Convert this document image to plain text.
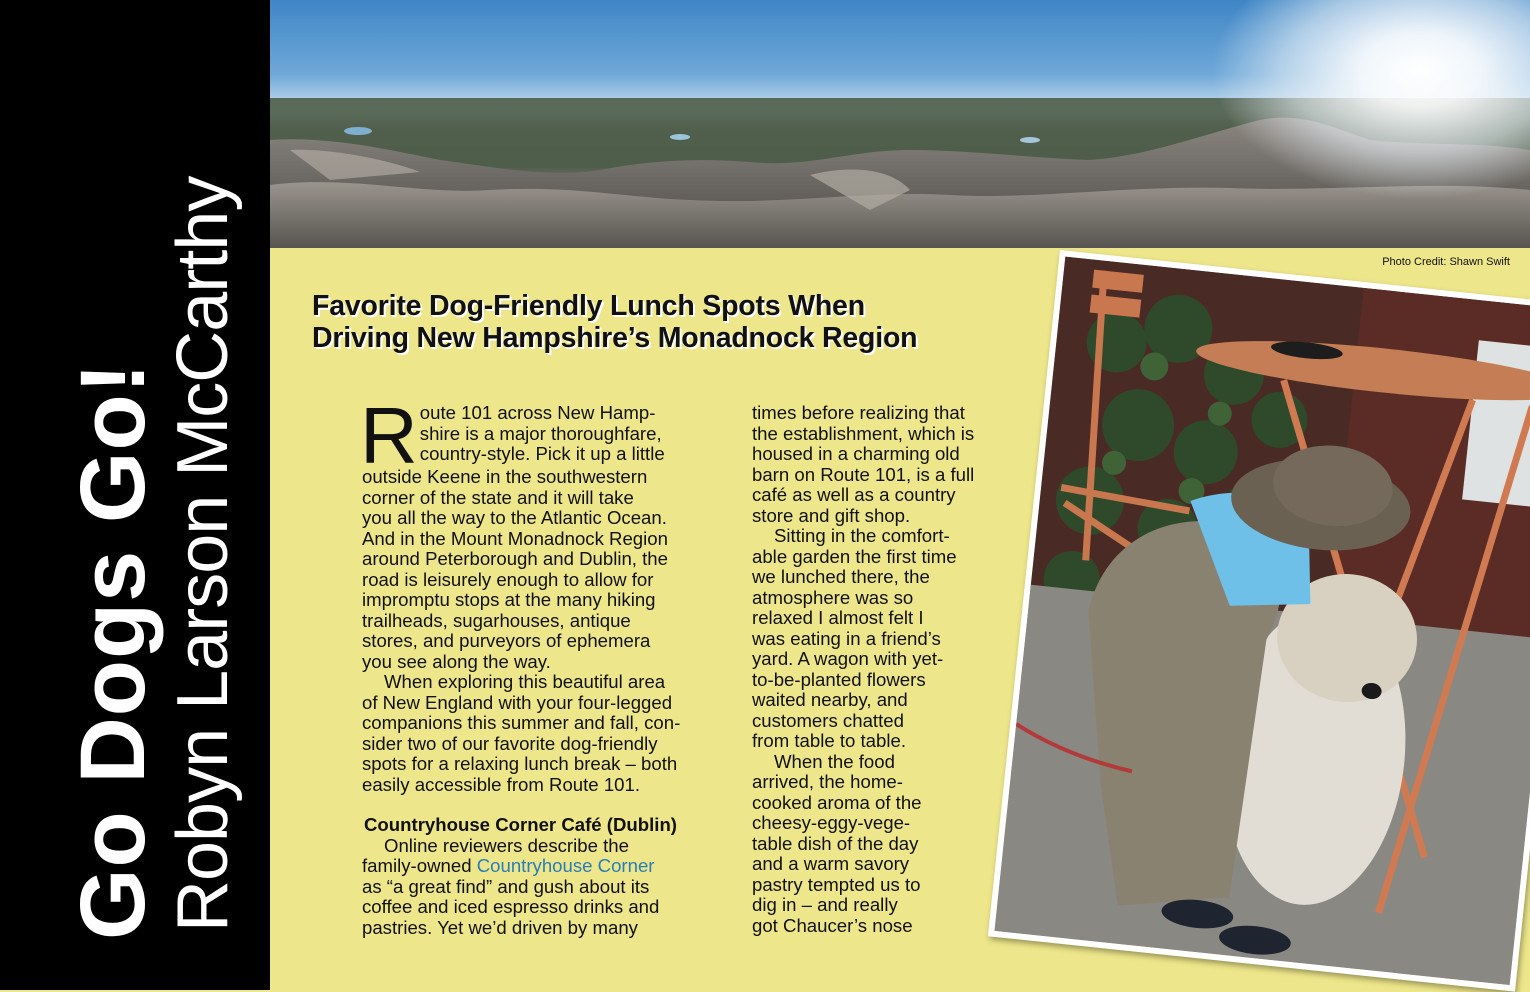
Go Dogs Go! Robyn Larson McCarthy Favorite Dog-Friendly Lunch Spots When
Driving New Hampshire’s Monadnock Region

R oute 101 across New Hamp-
shire is a major thoroughfare,
country-style. Pick it up a little
outside Keene in the southwestern
corner of the state and it will take
you all the way to the Atlantic Ocean.
And in the Mount Monadnock Region
around Peterborough and Dublin, the
road is leisurely enough to allow for
impromptu stops at the many hiking
trailheads, sugarhouses, antique
stores, and purveyors of ephemera
you see along the way.

When exploring this beautiful area
of New England with your four-legged
companions this summer and fall, con-
sider two of our favorite dog-friendly
spots for a relaxing lunch break – both
easily accessible from Route 101.

Countryhouse Corner Café (Dublin)

Online reviewers describe the
family-owned Countryhouse Corner
as “a great find” and gush about its
coffee and iced espresso drinks and
pastries. Yet we’d driven by many

times before realizing that
the establishment, which is
housed in a charming old
barn on Route 101, is a full
café as well as a country
store and gift shop.

Sitting in the comfort-
able garden the first time
we lunched there, the
atmosphere was so
relaxed I almost felt I
was eating in a friend’s
yard. A wagon with yet-
to-be-planted flowers
waited nearby, and
customers chatted
from table to table.

When the food
arrived, the home-
cooked aroma of the
cheesy-eggy-vege-
table dish of the day
and a warm savory
pastry tempted us to
dig in – and really
got Chaucer’s nose

Photo Credit: Shawn Swift
